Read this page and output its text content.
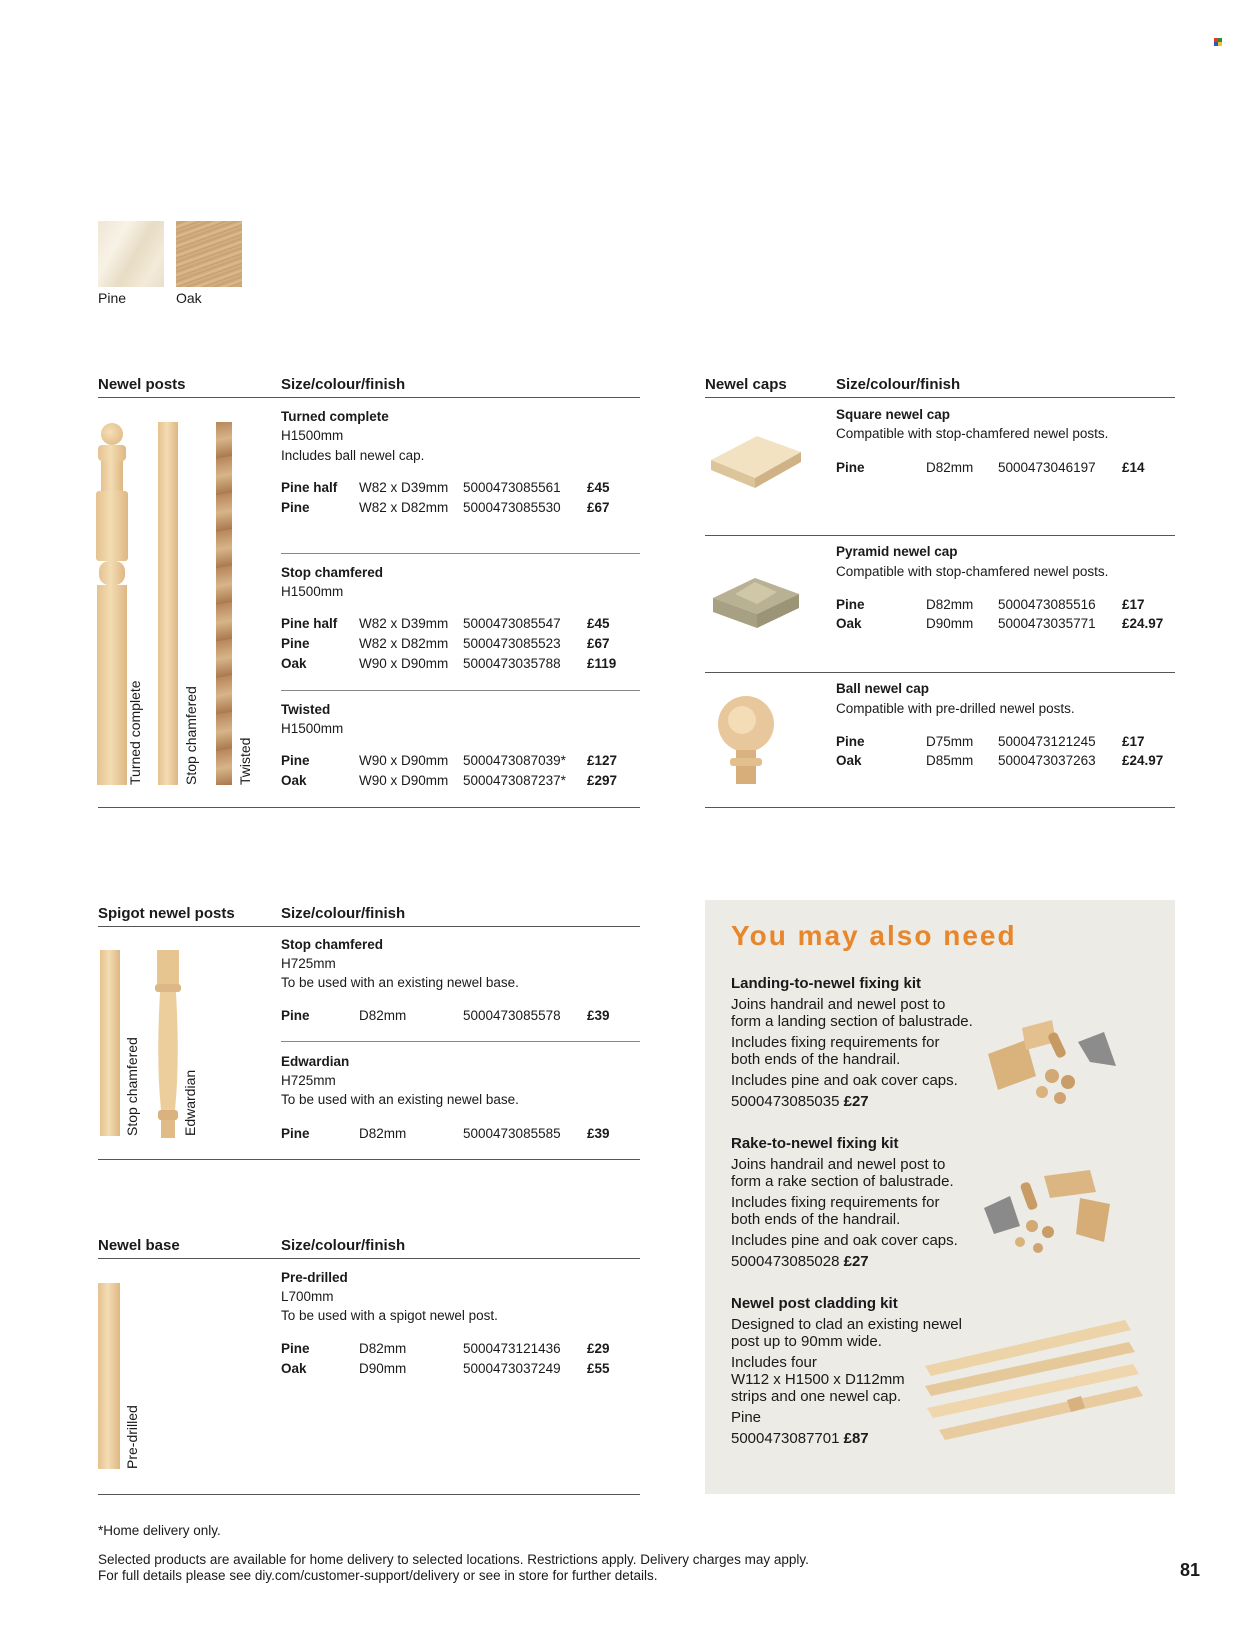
Pine	Oak
Newel posts	Size/colour/finish
Turned complete	Stop chamfered	Twisted
Turned complete
H1500mm
Includes ball newel cap.
Pine half W82 x D39mm 5000473085561 £45
Pine	W82 x D82mm 5000473085530 £67
Stop chamfered
H1500mm
Pine half W82 x D39mm 5000473085547 £45
Pine	W82 x D82mm 5000473085523 £67
Oak	W90 x D90mm 5000473035788 £119
Twisted
H1500mm
Pine	W90 x D90mm 5000473087039* £127
Oak	W90 x D90mm 5000473087237* £297
Newel caps	Size/colour/finish
Square newel cap
Compatible with stop-chamfered newel posts.
Pine	D82mm 5000473046197 £14
Pyramid newel cap
Compatible with stop-chamfered newel posts.
Pine	D82mm 5000473085516 £17
Oak	D90mm 5000473035771 £24.97
Ball newel cap
Compatible with pre-drilled newel posts.
Pine	D75mm 5000473121245 £17
Oak	D85mm 5000473037263 £24.97
Spigot newel posts	Size/colour/finish
Stop chamfered	Edwardian
Stop chamfered
H725mm
To be used with an existing newel base.
Pine	D82mm	5000473085578 £39
Edwardian
H725mm
To be used with an existing newel base.
Pine	D82mm	5000473085585 £39
Newel base	Size/colour/finish
Pre-drilled
Pre-drilled
L700mm
To be used with a spigot newel post.
Pine	D82mm	5000473121436 £29
Oak	D90mm	5000473037249 £55
You may also need
Landing-to-newel fixing kit
Joins handrail and newel post to
form a landing section of balustrade.
Includes fixing requirements for
both ends of the handrail.
Includes pine and oak cover caps.
5000473085035 £27
Rake-to-newel fixing kit
Joins handrail and newel post to
form a rake section of balustrade.
Includes fixing requirements for
both ends of the handrail.
Includes pine and oak cover caps.
5000473085028 £27
Newel post cladding kit
Designed to clad an existing newel
post up to 90mm wide.
Includes four
W112 x H1500 x D112mm
strips and one newel cap.
Pine
5000473087701 £87
*Home delivery only.
Selected products are available for home delivery to selected locations. Restrictions apply. Delivery charges may apply.
For full details please see diy.com/customer-support/delivery or see in store for further details.	81
